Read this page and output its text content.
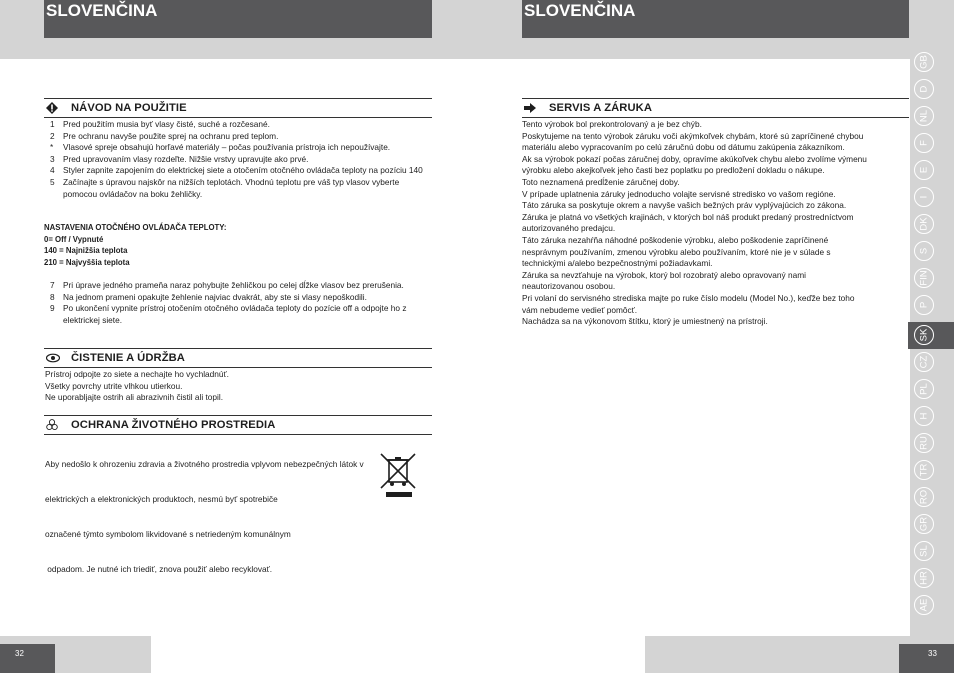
SLOVENČINA	SLOVENČINA
NÁVOD NA POUŽITIE
1	Pred použitím musia byť vlasy čisté, suché a rozčesané.
2	Pre ochranu navyše použite sprej na ochranu pred teplom.
*	Vlasové spreje obsahujú horľavé materiály – počas používania prístroja ich nepoužívajte.
3	Pred upravovaním vlasy rozdeľte. Nižšie vrstvy upravujte ako prvé.
4	Styler zapnite zapojením do elektrickej siete a otočením otočného ovládača teploty na pozíciu 140
5	Začínajte s úpravou najskôr na nižších teplotách. Vhodnú teplotu pre váš typ vlasov vyberte pomocou ovládačov na boku žehličky.
NASTAVENIA OTOČNÉHO OVLÁDAČA TEPLOTY:
0= Off / Vypnuté
140 = Najnižšia teplota
210 = Najvyššia teplota
7	Pri úprave jedného prameňa naraz pohybujte žehličkou po celej dĺžke vlasov bez prerušenia.
8	Na jednom prameni opakujte žehlenie najviac dvakrát, aby ste si vlasy nepoškodili.
9	Po ukončení vypnite prístroj otočením otočného ovládača teploty do pozície off a odpojte ho z elektrickej siete.
ČISTENIE A ÚDRŽBA
Prístroj odpojte zo siete a nechajte ho vychladnúť.
Všetky povrchy utrite vlhkou utierkou.
Ne uporabljajte ostrih ali abrazivnih čistil ali topil.
OCHRANA ŽIVOTNÉHO PROSTREDIA

Aby nedošlo k ohrozeniu zdravia a životného prostredia vplyvom nebezpečných látok v

elektrických a elektronických produktoch, nesmú byť spotrebiče

označené týmto symbolom likvidované s netriedeným komunálnym

odpadom. Je nutné ich triediť, znova použiť alebo recyklovať.

SERVIS A ZÁRUKA
Tento výrobok bol prekontrolovaný a je bez chýb.
Poskytujeme na tento výrobok záruku voči akýmkoľvek chybám, ktoré sú zapríčinené chybou
materiálu alebo vypracovaním po celú záručnú dobu od dátumu zakúpenia zákazníkom.
Ak sa výrobok pokazí počas záručnej doby, opravíme akúkoľvek chybu alebo zvolíme výmenu
výrobku alebo akejkoľvek jeho časti bez poplatku po predložení dokladu o nákupe.
Toto neznamená predĺženie záručnej doby.
V prípade uplatnenia záruky jednoducho volajte servisné stredisko vo vašom regióne.
Táto záruka sa poskytuje okrem a navyše vašich bežných práv vyplývajúcich zo zákona.
Záruka je platná vo všetkých krajinách, v ktorých bol náš produkt predaný prostredníctvom
autorizovaného predajcu.
Táto záruka nezahŕňa náhodné poškodenie výrobku, alebo poškodenie zapríčinené
nesprávnym používaním, zmenou výrobku alebo používaním, ktoré nie je v súlade s
technickými a/alebo bezpečnostnými požiadavkami.
Záruka sa nevzťahuje na výrobok, ktorý bol rozobratý alebo opravovaný nami
neautorizovanou osobou.
Pri volaní do servisného strediska majte po ruke číslo modelu (Model No.), keďže bez toho
vám nebudeme vedieť pomôcť.
Nachádza sa na výkonovom štítku, ktorý je umiestnený na prístroji.
GB
D
NL
F
E
I
DK
S
FIN
P
SK
CZ
PL
H
RU
TR
RO
GR
SL
HR
AE
32	33
